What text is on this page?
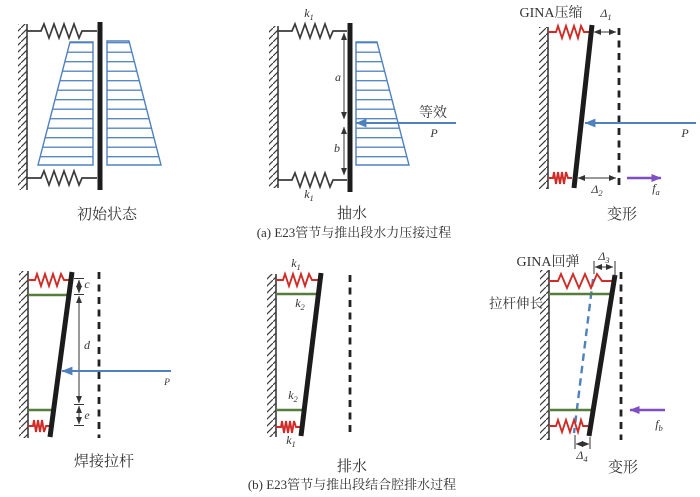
初始状态
$k_1$
$k_1$
a
b
等效
P
抽水
GINA压缩 $\Delta_1$
$\Delta_2$
P
$f_a$
变形
(a) E23管节与推出段水力压接过程
c
d
e
P
焊接拉杆
$k_1$
$k_2$
$k_2$
$k_1$
排水
GINA回弹
拉杆伸长
$\Delta_3$
$\Delta_4$
$f_b$
变形
(b) E23管节与推出段结合腔排水过程
